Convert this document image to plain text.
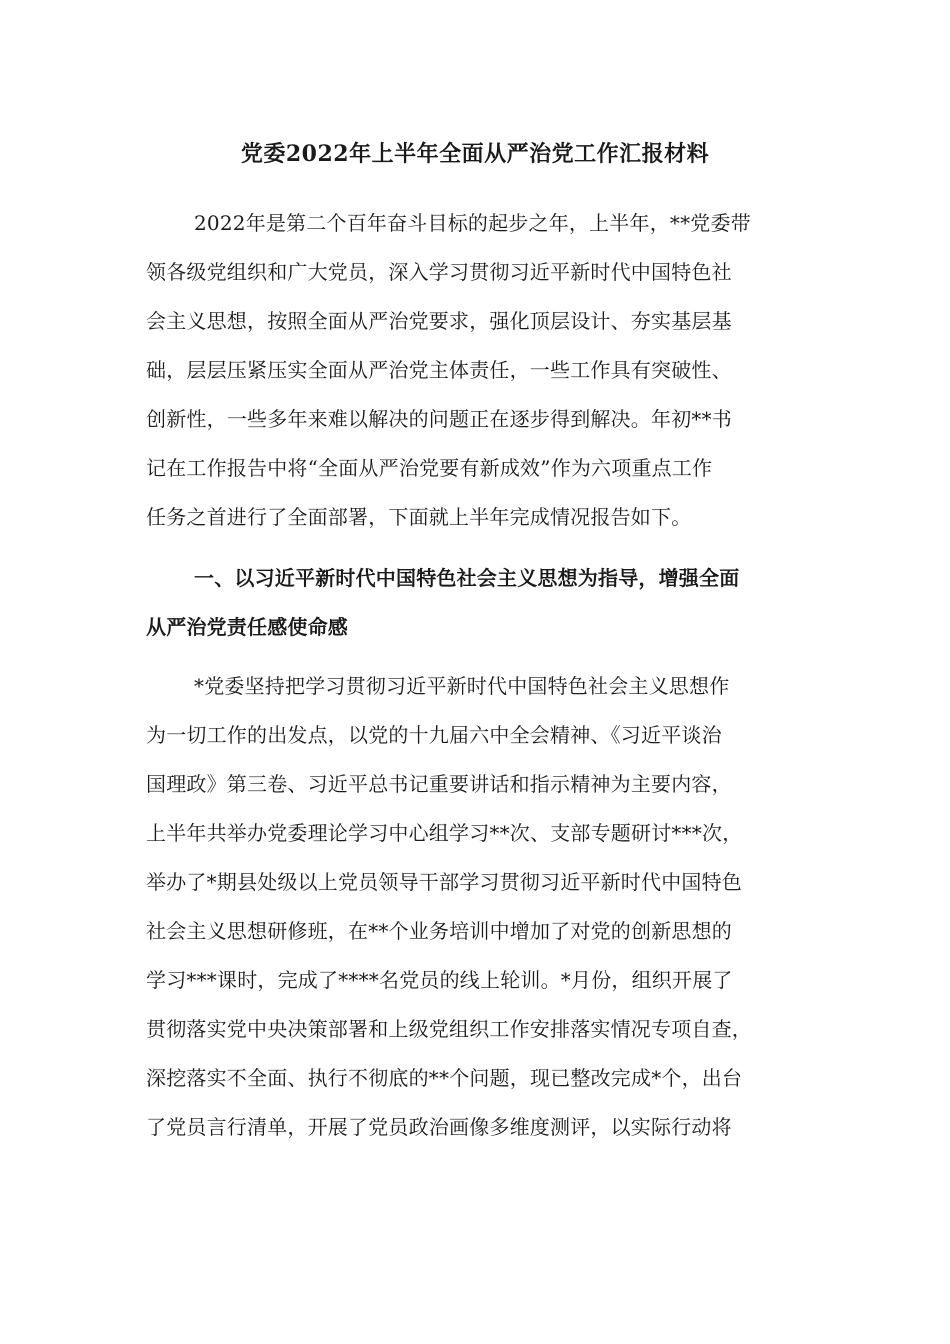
党委2022年上半年全面从严治党工作汇报材料
2022年是第二个百年奋斗目标的起步之年，上半年，**党委带
领各级党组织和广大党员，深入学习贯彻习近平新时代中国特色社
会主义思想，按照全面从严治党要求，强化顶层设计、夯实基层基
础，层层压紧压实全面从严治党主体责任，一些工作具有突破性、
创新性，一些多年来难以解决的问题正在逐步得到解决。年初**书
记在工作报告中将“全面从严治党要有新成效”作为六项重点工作
任务之首进行了全面部署，下面就上半年完成情况报告如下。
一、以习近平新时代中国特色社会主义思想为指导，增强全面
从严治党责任感使命感
*党委坚持把学习贯彻习近平新时代中国特色社会主义思想作
为一切工作的出发点，以党的十九届六中全会精神、《习近平谈治
国理政》第三卷、习近平总书记重要讲话和指示精神为主要内容，
上半年共举办党委理论学习中心组学习**次、支部专题研讨***次，
举办了*期县处级以上党员领导干部学习贯彻习近平新时代中国特色
社会主义思想研修班，在**个业务培训中增加了对党的创新思想的
学习***课时，完成了****名党员的线上轮训。*月份，组织开展了
贯彻落实党中央决策部署和上级党组织工作安排落实情况专项自查，
深挖落实不全面、执行不彻底的**个问题，现已整改完成*个，出台
了党员言行清单，开展了党员政治画像多维度测评，以实际行动将
